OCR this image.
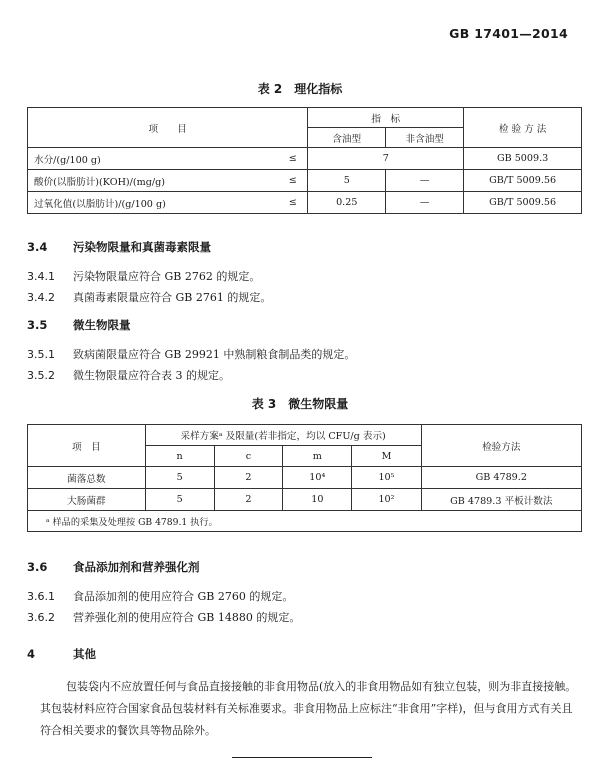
GB 17401—2014
表 2　理化指标
项　　目		指　标		检 验 方 法
		含油型	非含油型	
水分/(g/100 g)	≤	7		GB 5009.3
酸价(以脂肪计)(KOH)/(mg/g)	≤	5	—	GB/T 5009.56
过氧化值(以脂肪计)/(g/100 g)	≤	0.25	—	GB/T 5009.56
3.4 污染物限量和真菌毒素限量
3.4.1 污染物限量应符合 GB 2762 的规定。
3.4.2 真菌毒素限量应符合 GB 2761 的规定。
3.5 微生物限量
3.5.1 致病菌限量应符合 GB 29921 中熟制粮食制品类的规定。
3.5.2 微生物限量应符合表 3 的规定。
表 3　微生物限量
项　目	采样方案ᵃ 及限量(若非指定，均以 CFU/g 表示)				检验方法
	n	c	m	M	
菌落总数	5	2	10⁴	10⁵	GB 4789.2
大肠菌群	5	2	10	10²	GB 4789.3 平板计数法
ᵃ 样品的采集及处理按 GB 4789.1 执行。					
3.6 食品添加剂和营养强化剂
3.6.1 食品添加剂的使用应符合 GB 2760 的规定。
3.6.2 营养强化剂的使用应符合 GB 14880 的规定。
4	其他
包装袋内不应放置任何与食品直接接触的非食用物品(放入的非食用物品如有独立包装，则为非直接接触。其包装材料应符合国家食品包装材料有关标准要求。非食用物品上应标注“非食用”字样)，但与食用方式有关且符合相关要求的餐饮具等物品除外。
